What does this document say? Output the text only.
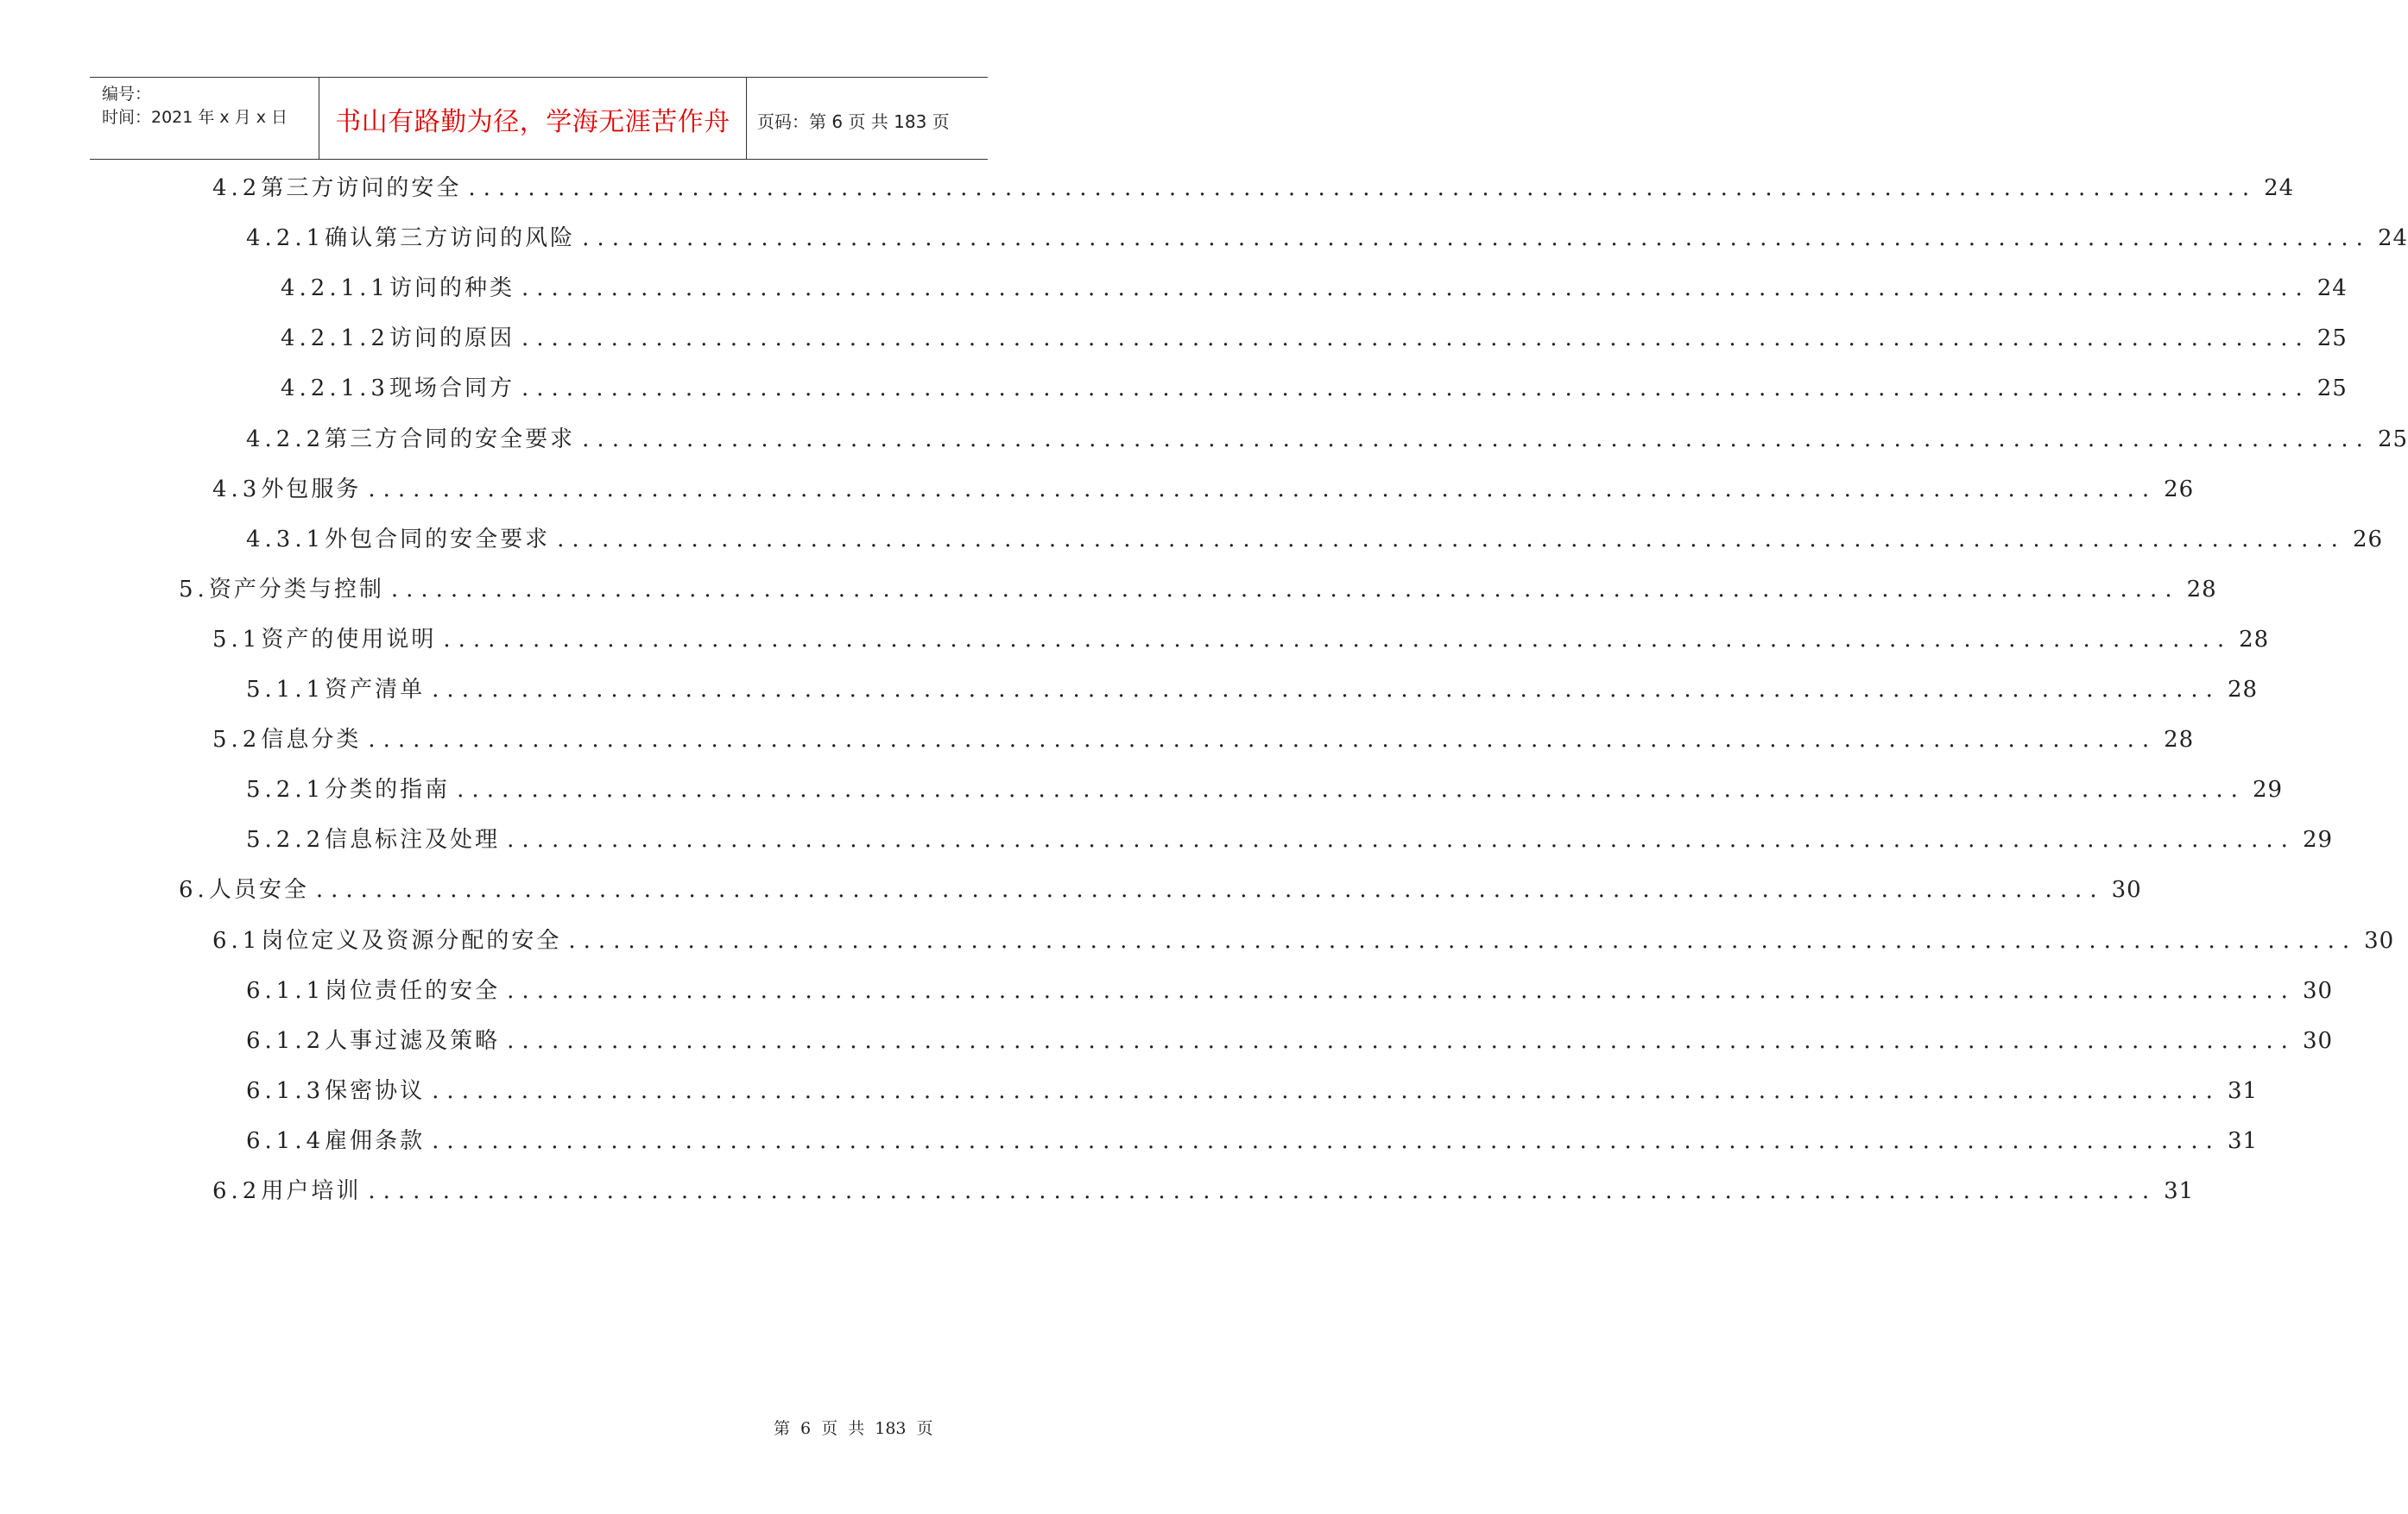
编号：
时间：2021 年 x 月 x 日	书山有路勤为径，学海无涯苦作舟	页码：第 6 页 共 183 页
4.2 第三方访问的安全 ........................................................................................................................ 24
4.2.1 确认第三方访问的风险 ........................................................................................................................ 24
4.2.1.1 访问的种类 ........................................................................................................................ 24
4.2.1.2 访问的原因 ........................................................................................................................ 25
4.2.1.3 现场合同方 ........................................................................................................................ 25
4.2.2 第三方合同的安全要求 ........................................................................................................................ 25
4.3 外包服务 ........................................................................................................................ 26
4.3.1 外包合同的安全要求 ........................................................................................................................ 26
5. 资产分类与控制 ........................................................................................................................ 28
5.1 资产的使用说明 ........................................................................................................................ 28
5.1.1 资产清单 ........................................................................................................................ 28
5.2 信息分类 ........................................................................................................................ 28
5.2.1 分类的指南 ........................................................................................................................ 29
5.2.2 信息标注及处理 ........................................................................................................................ 29
6. 人员安全 ........................................................................................................................ 30
6.1 岗位定义及资源分配的安全 ........................................................................................................................ 30
6.1.1 岗位责任的安全 ........................................................................................................................ 30
6.1.2 人事过滤及策略 ........................................................................................................................ 30
6.1.3 保密协议 ........................................................................................................................ 31
6.1.4 雇佣条款 ........................................................................................................................ 31
6.2 用户培训 ........................................................................................................................ 31
第 6 页 共 183 页
